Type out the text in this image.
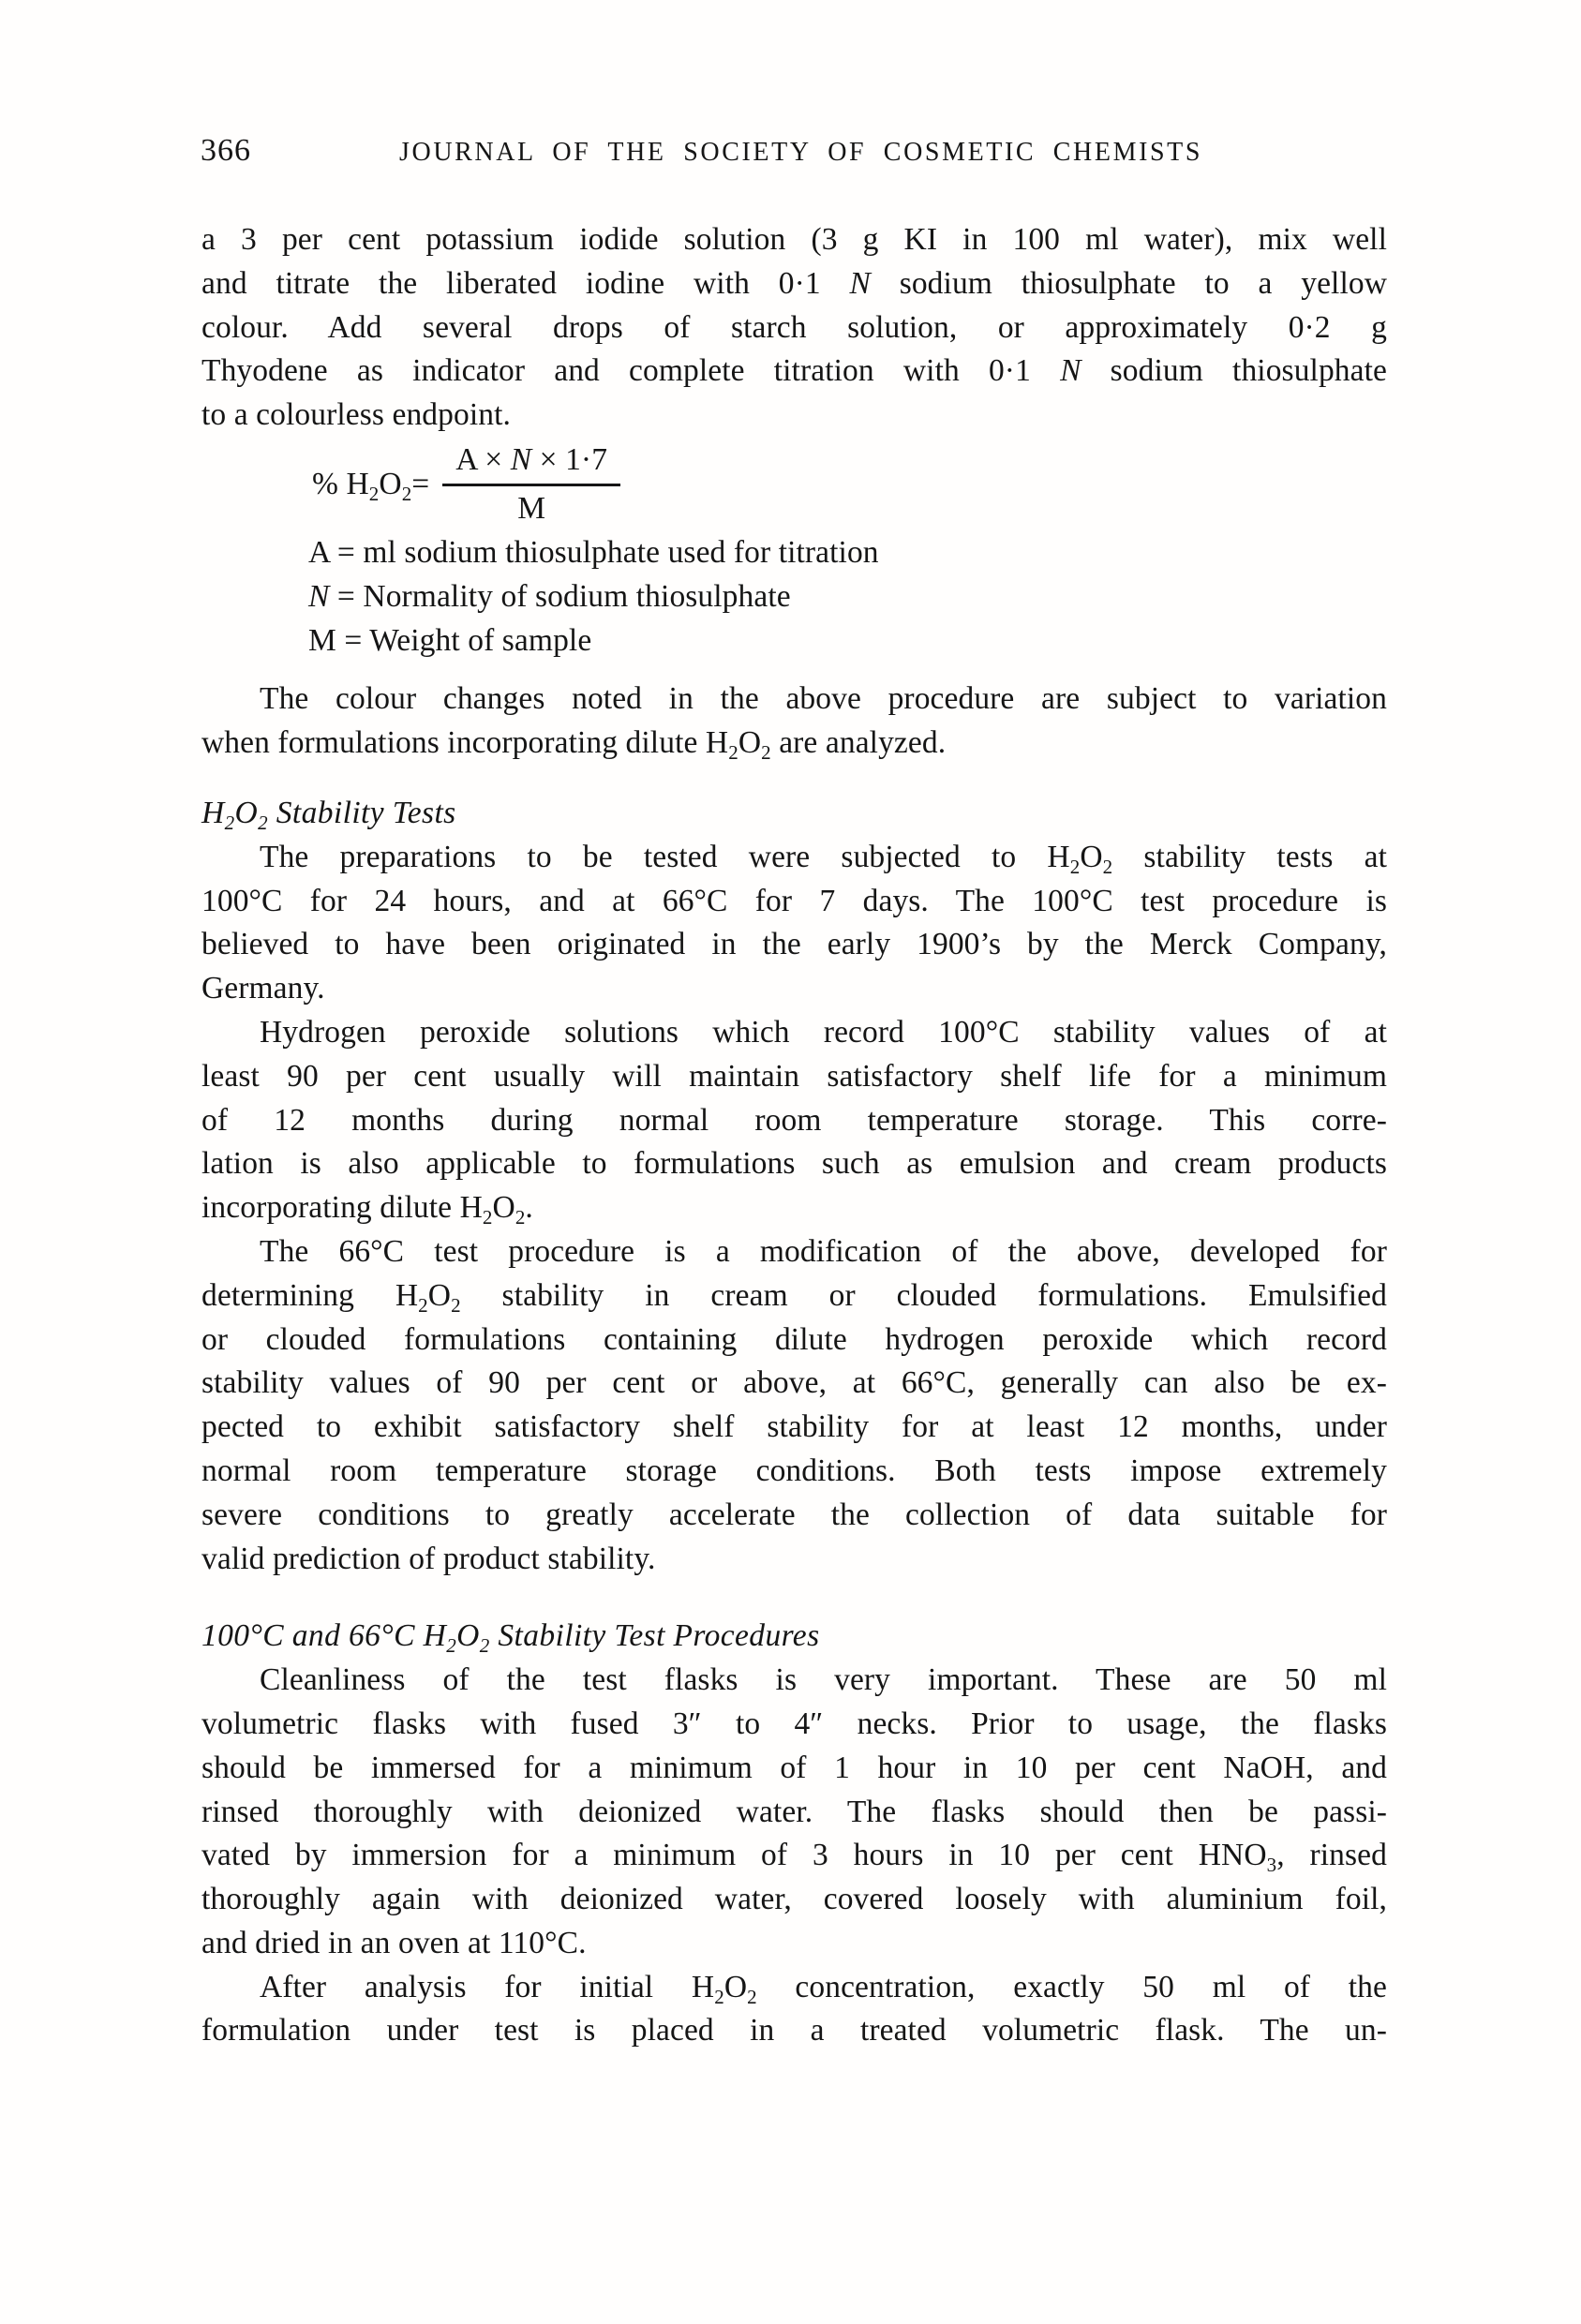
366	JOURNAL OF THE SOCIETY OF COSMETIC CHEMISTS
a 3 per cent potassium iodide solution (3 g KI in 100 ml water), mix well
and titrate the liberated iodine with 0·1 N sodium thiosulphate to a yellow
colour. Add several drops of starch solution, or approximately 0·2 g
Thyodene as indicator and complete titration with 0·1 N sodium thiosulphate
to a colourless endpoint.
% $H_2O_2= \frac{A \times N \times 1\cdot 7}{M}$
A = ml sodium thiosulphate used for titration
N = Normality of sodium thiosulphate
M = Weight of sample
The colour changes noted in the above procedure are subject to variation
when formulations incorporating dilute $H_2O_2$ are analyzed.
$H_2O_2$ Stability Tests
The preparations to be tested were subjected to $H_2O_2$ stability tests at
100°C for 24 hours, and at 66°C for 7 days. The 100°C test procedure is
believed to have been originated in the early 1900’s by the Merck Company,
Germany.
Hydrogen peroxide solutions which record 100°C stability values of at
least 90 per cent usually will maintain satisfactory shelf life for a minimum
of 12 months during normal room temperature storage. This corre-
lation is also applicable to formulations such as emulsion and cream products
incorporating dilute $H_2O_2$.
The 66°C test procedure is a modification of the above, developed for
determining $H_2O_2$ stability in cream or clouded formulations. Emulsified
or clouded formulations containing dilute hydrogen peroxide which record
stability values of 90 per cent or above, at 66°C, generally can also be ex-
pected to exhibit satisfactory shelf stability for at least 12 months, under
normal room temperature storage conditions. Both tests impose extremely
severe conditions to greatly accelerate the collection of data suitable for
valid prediction of product stability.
100°C and 66°C $H_2O_2$ Stability Test Procedures
Cleanliness of the test flasks is very important. These are 50 ml
volumetric flasks with fused 3″ to 4″ necks. Prior to usage, the flasks
should be immersed for a minimum of 1 hour in 10 per cent NaOH, and
rinsed thoroughly with deionized water. The flasks should then be passi-
vated by immersion for a minimum of 3 hours in 10 per cent $HNO_3$, rinsed
thoroughly again with deionized water, covered loosely with aluminium foil,
and dried in an oven at 110°C.
After analysis for initial $H_2O_2$ concentration, exactly 50 ml of the
formulation under test is placed in a treated volumetric flask. The un-
